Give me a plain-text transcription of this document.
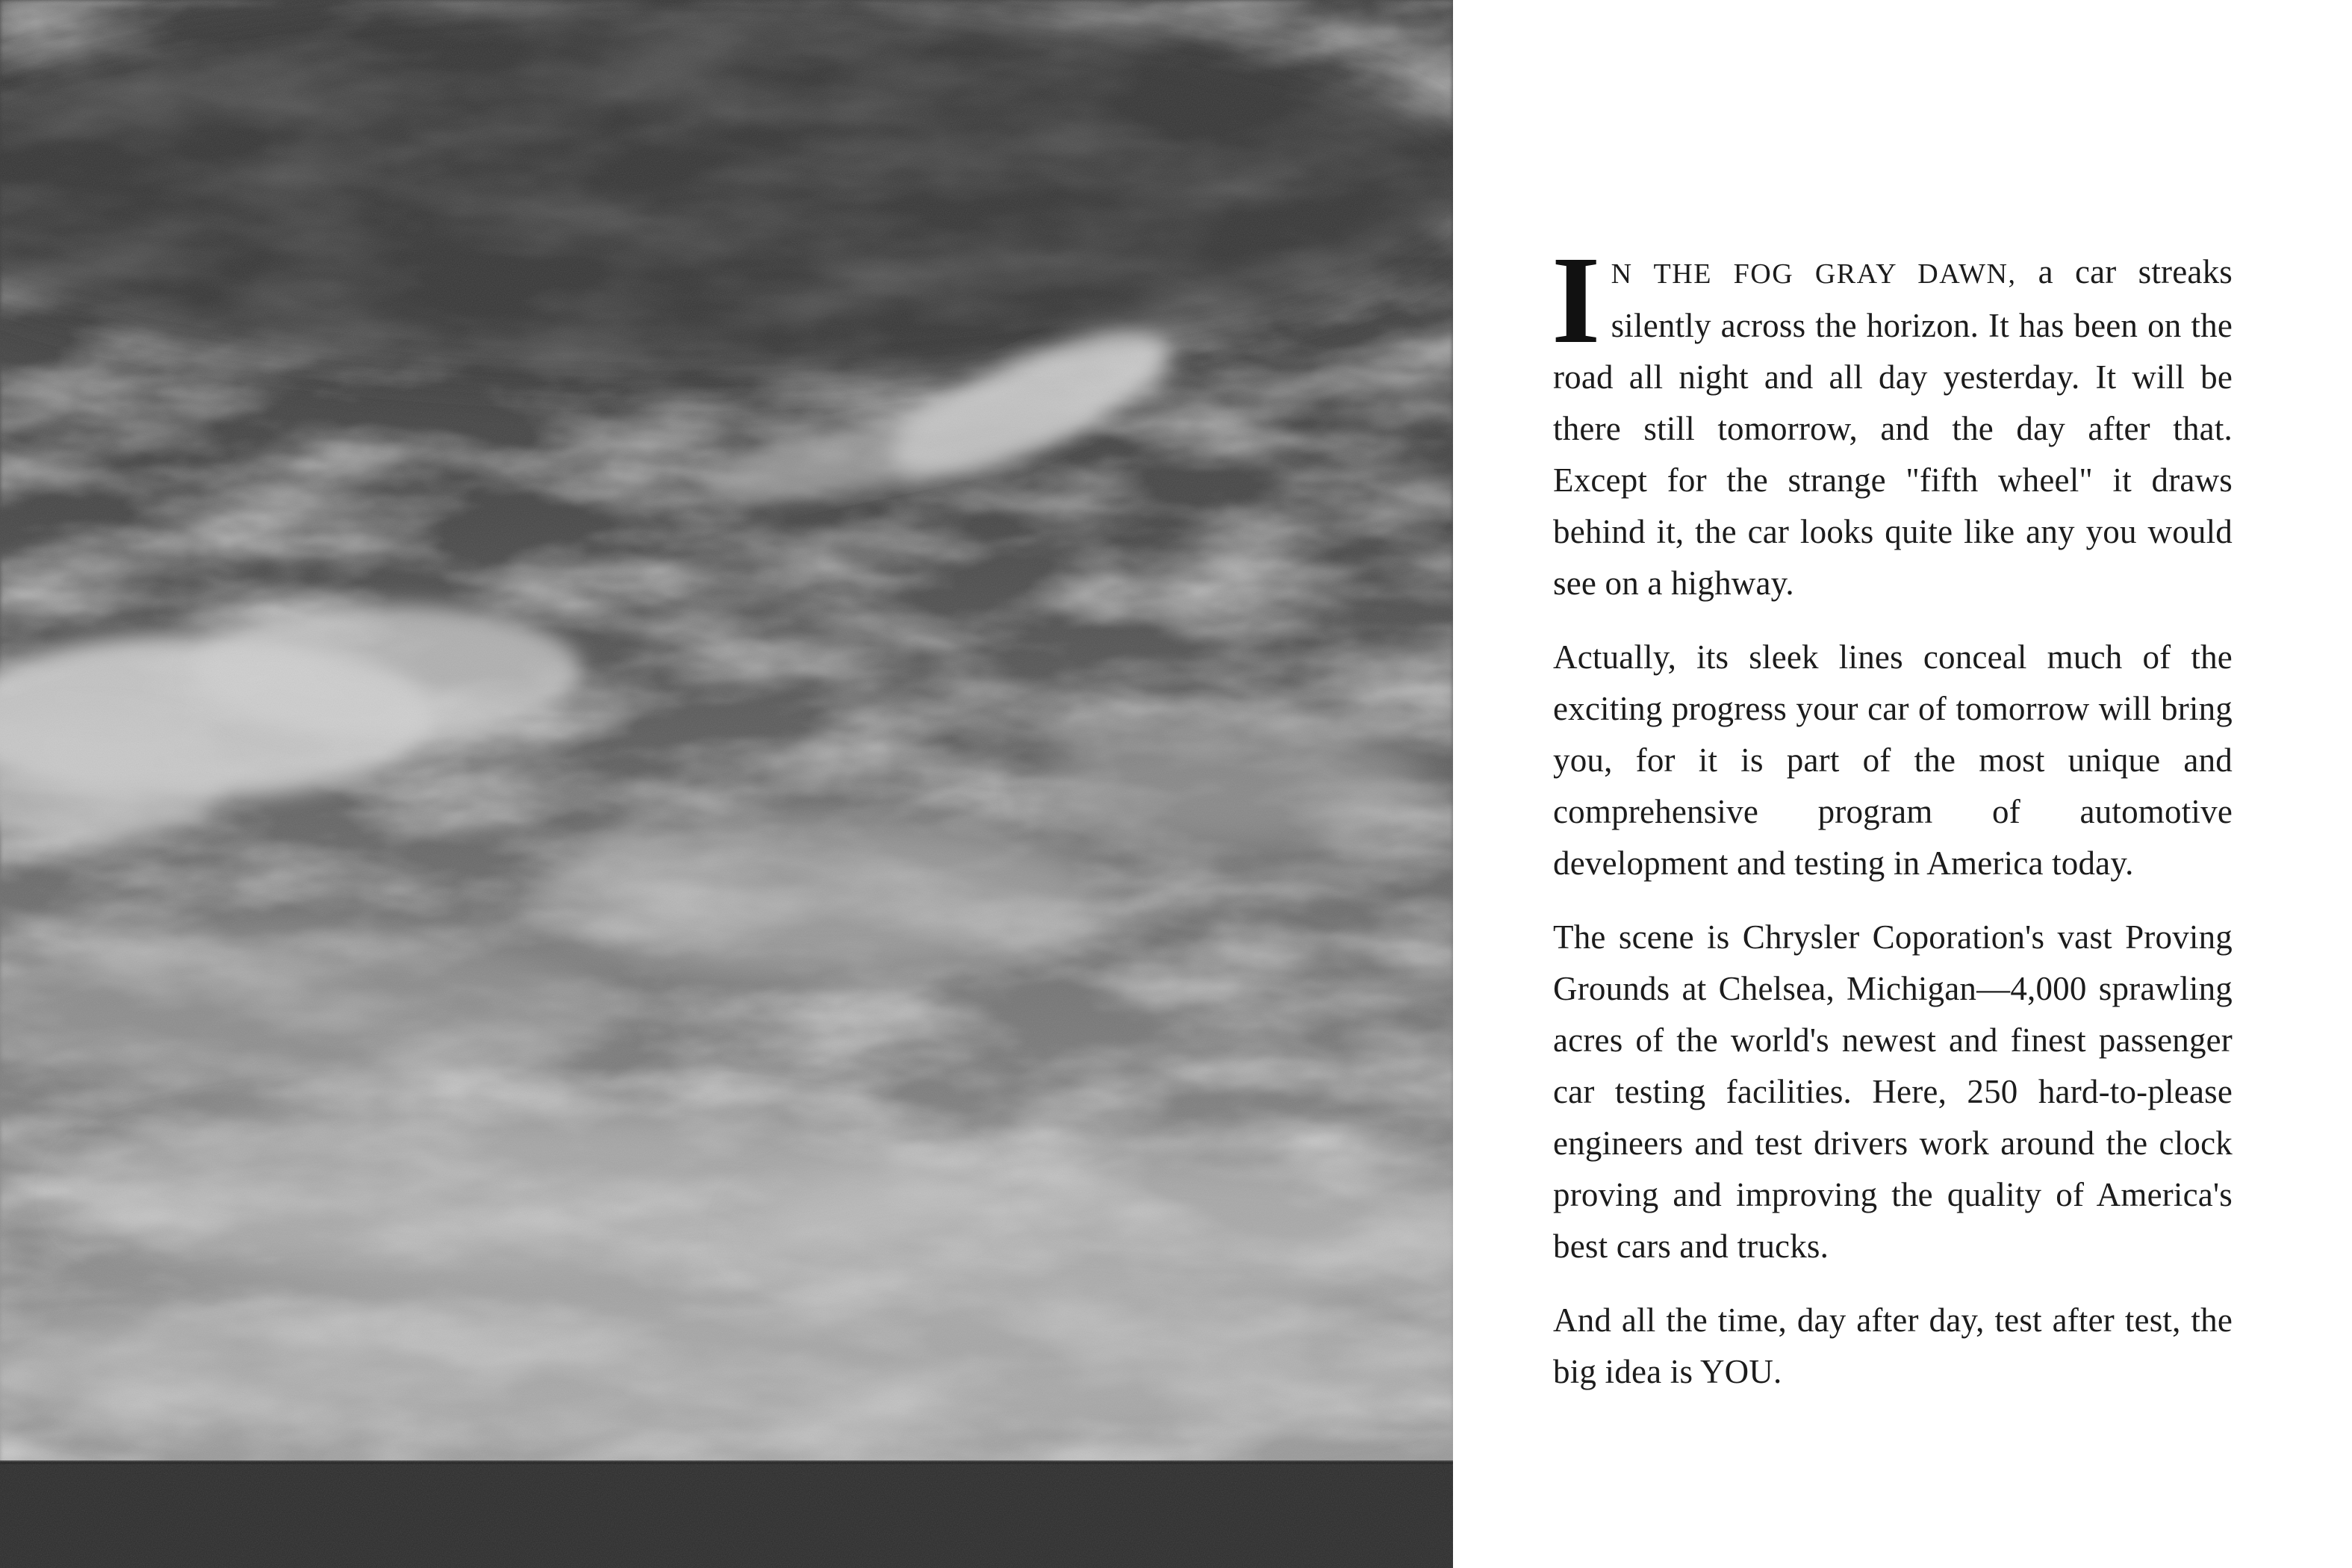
I N THE FOG GRAY DAWN, a car streaks silently across the horizon. It has been on the road all night and all day yesterday. It will be there still tomorrow, and the day after that. Except for the strange "fifth wheel" it draws behind it, the car looks quite like any you would see on a highway.

Actually, its sleek lines conceal much of the exciting progress your car of tomorrow will bring you, for it is part of the most unique and comprehensive program of automotive development and testing in America today.

The scene is Chrysler Coporation's vast Proving Grounds at Chelsea, Michigan—4,000 sprawling acres of the world's newest and finest passenger car testing facilities. Here, 250 hard-to-please engineers and test drivers work around the clock proving and improving the quality of America's best cars and trucks.

And all the time, day after day, test after test, the big idea is YOU.
